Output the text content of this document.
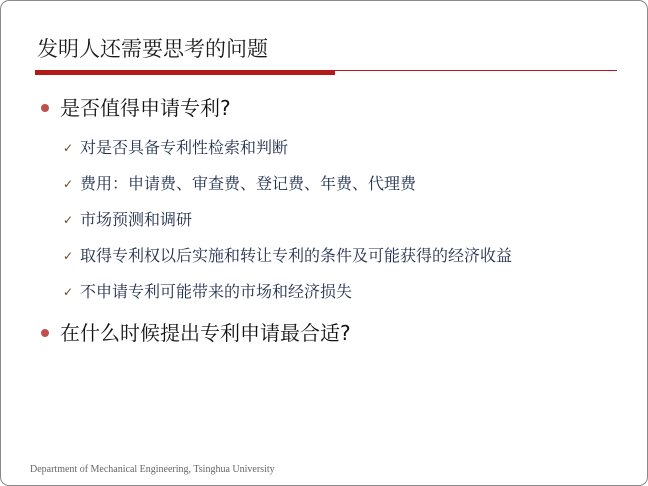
发明人还需要思考的问题
是否值得申请专利?
✓ 对是否具备专利性检索和判断
✓ 费用：申请费、审查费、登记费、年费、代理费
✓ 市场预测和调研
✓ 取得专利权以后实施和转让专利的条件及可能获得的经济收益
✓ 不申请专利可能带来的市场和经济损失
在什么时候提出专利申请最合适?
Department of Mechanical Engineering, Tsinghua University
